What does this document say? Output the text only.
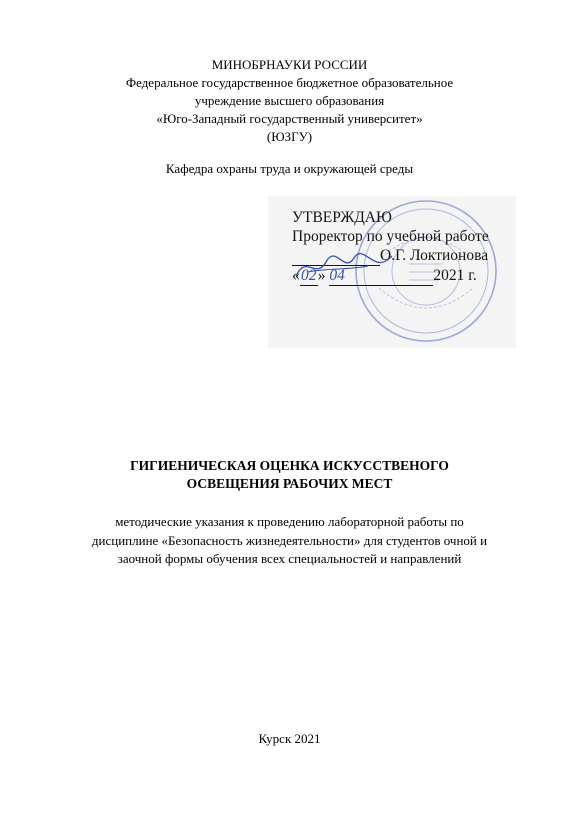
МИНОБРНАУКИ РОССИИ
Федеральное государственное бюджетное образовательное
учреждение высшего образования
«Юго-Западный государственный университет»
(ЮЗГУ)
Кафедра охраны труда и окружающей среды
УТВЕРЖДАЮ
Проректор по учебной работе
О.Г. Локтионова
«02» 04	2021 г.
ГИГИЕНИЧЕСКАЯ ОЦЕНКА ИСКУССТВЕНОГО
ОСВЕЩЕНИЯ РАБОЧИХ МЕСТ
методические указания к проведению лабораторной работы по
дисциплине «Безопасность жизнедеятельности» для студентов очной и
заочной формы обучения всех специальностей и направлений
Курск 2021
